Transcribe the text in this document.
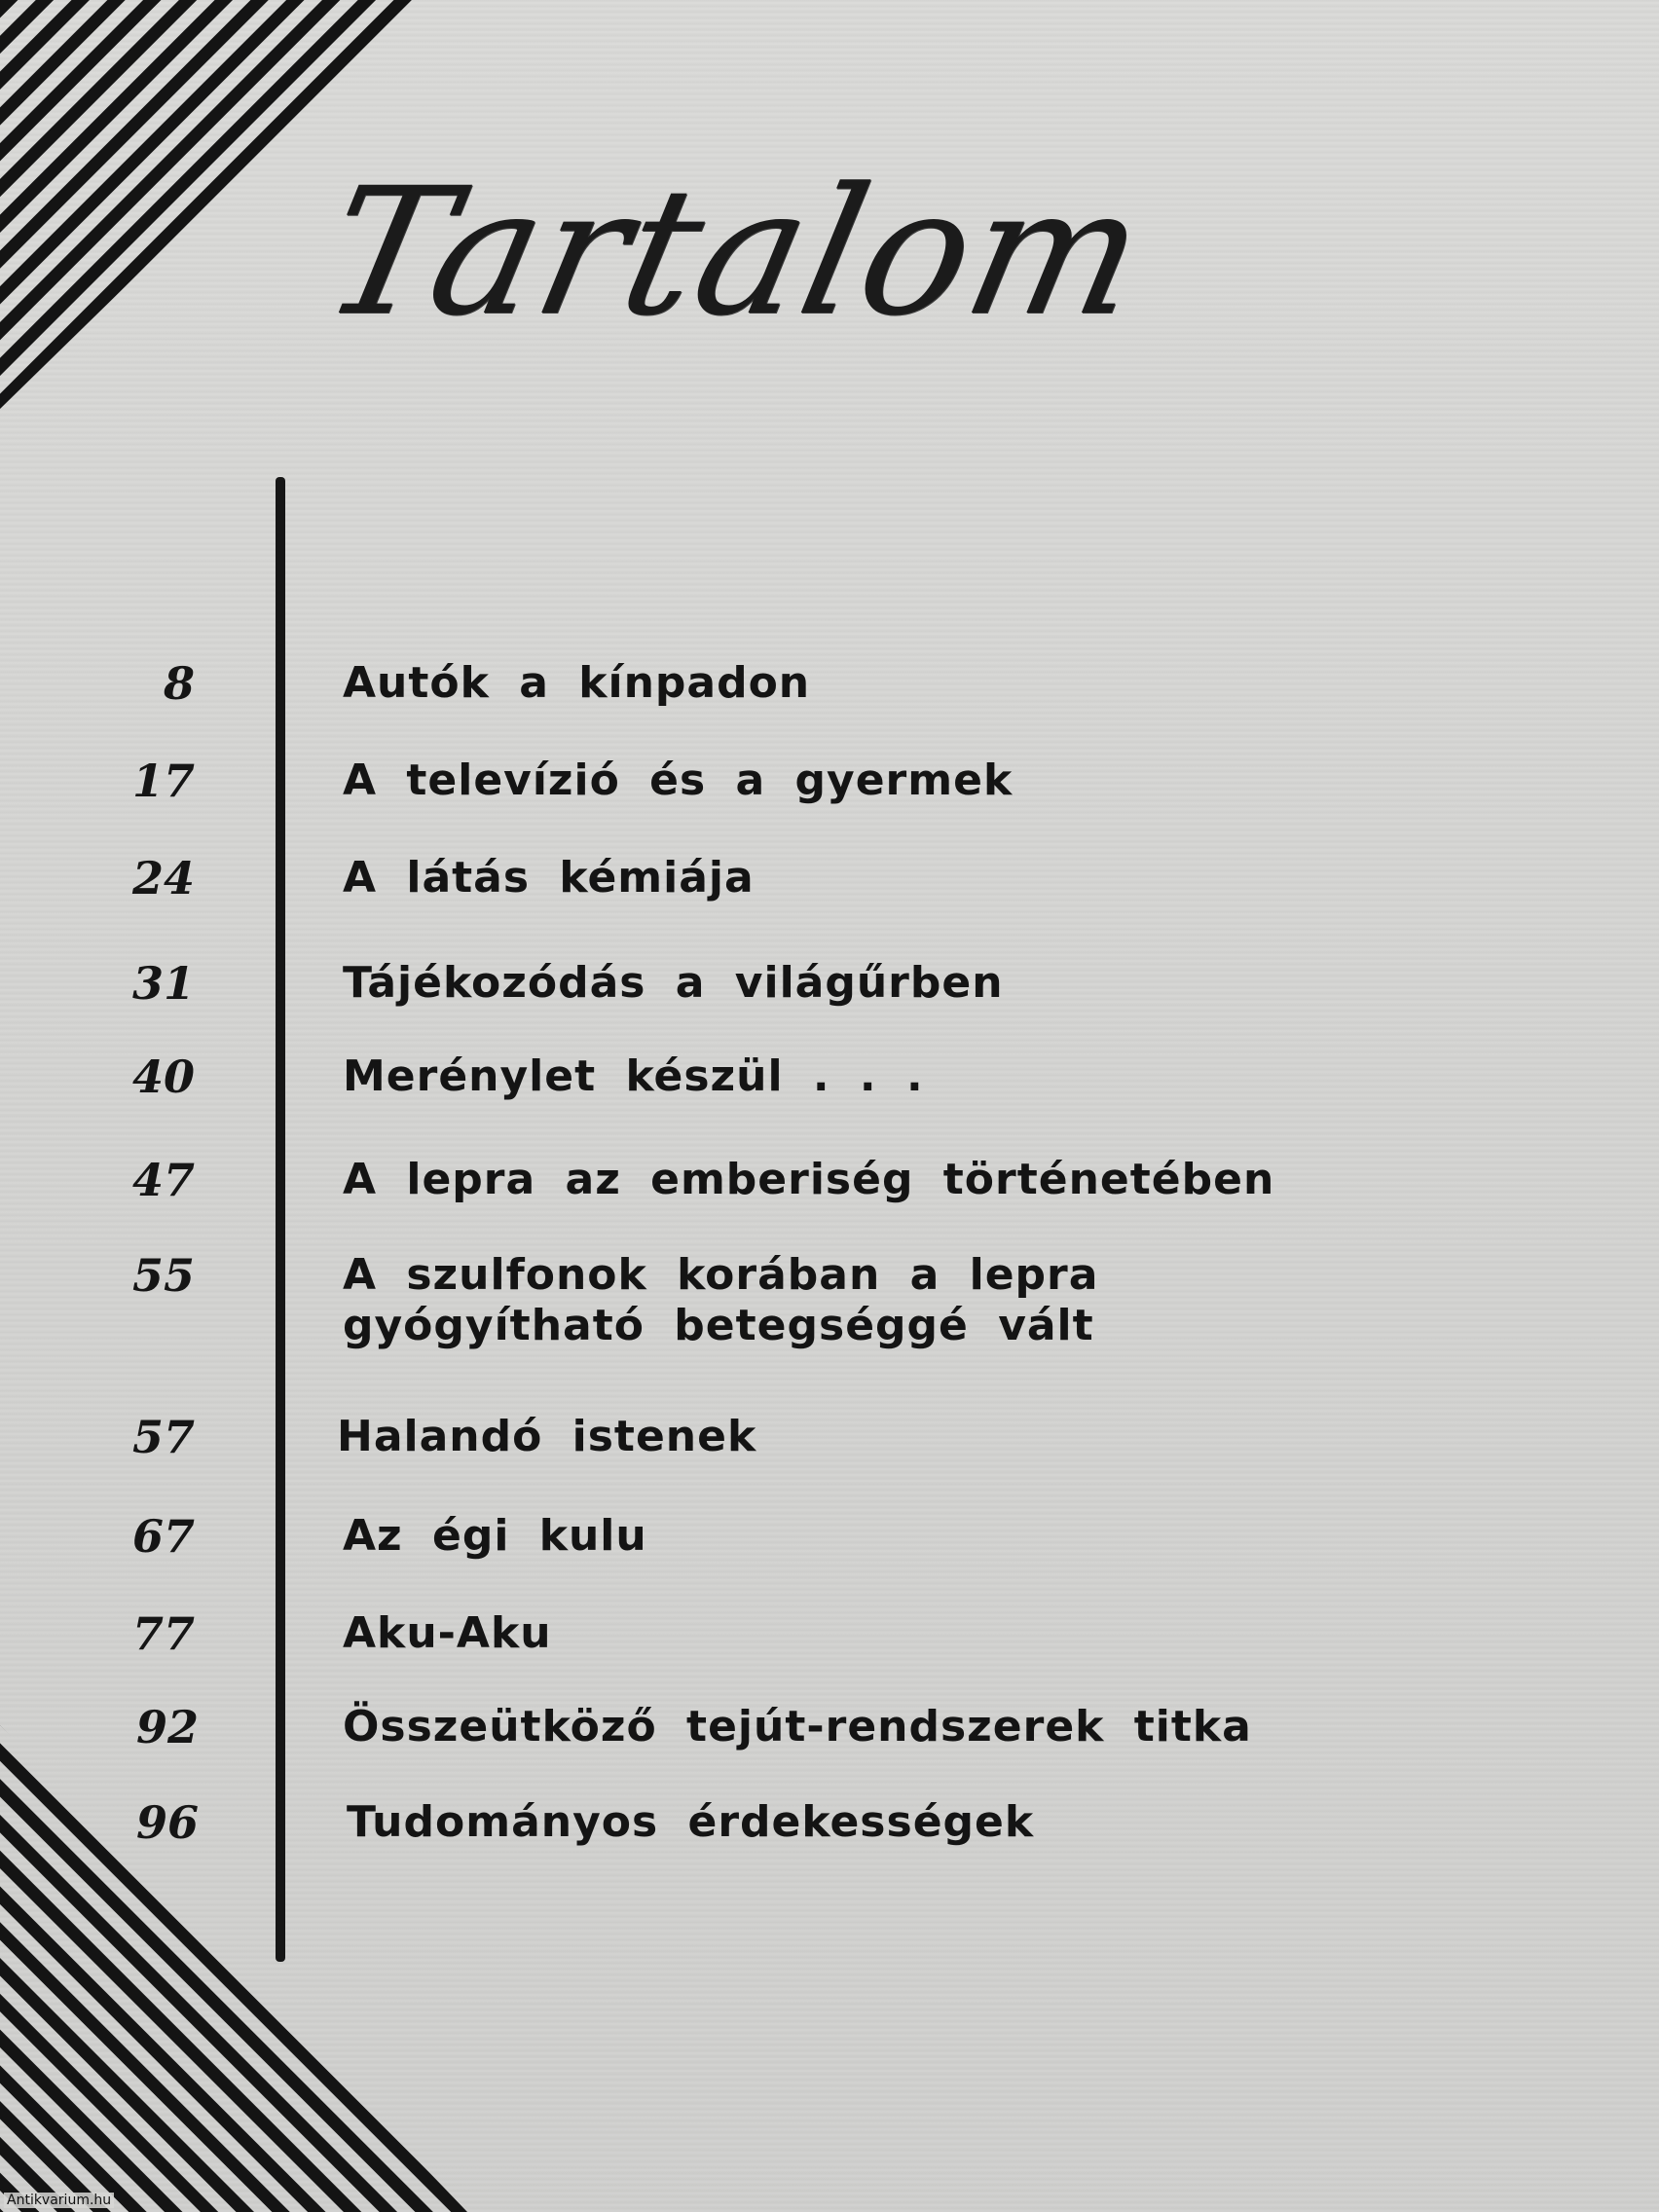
Tartalom
8	Autók a kínpadon
17	A televízió és a gyermek
24	A látás kémiája
31	Tájékozódás a világűrben
40	Merénylet készül . . .
47	A lepra az emberiség történetében
55	A szulfonok korában a lepra gyógyítható betegséggé vált
57	Halandó istenek
67	Az égi kulu
77	Aku-Aku
92	Összeütköző tejút-rendszerek titka
96	Tudományos érdekességek
Antikvarium.hu
